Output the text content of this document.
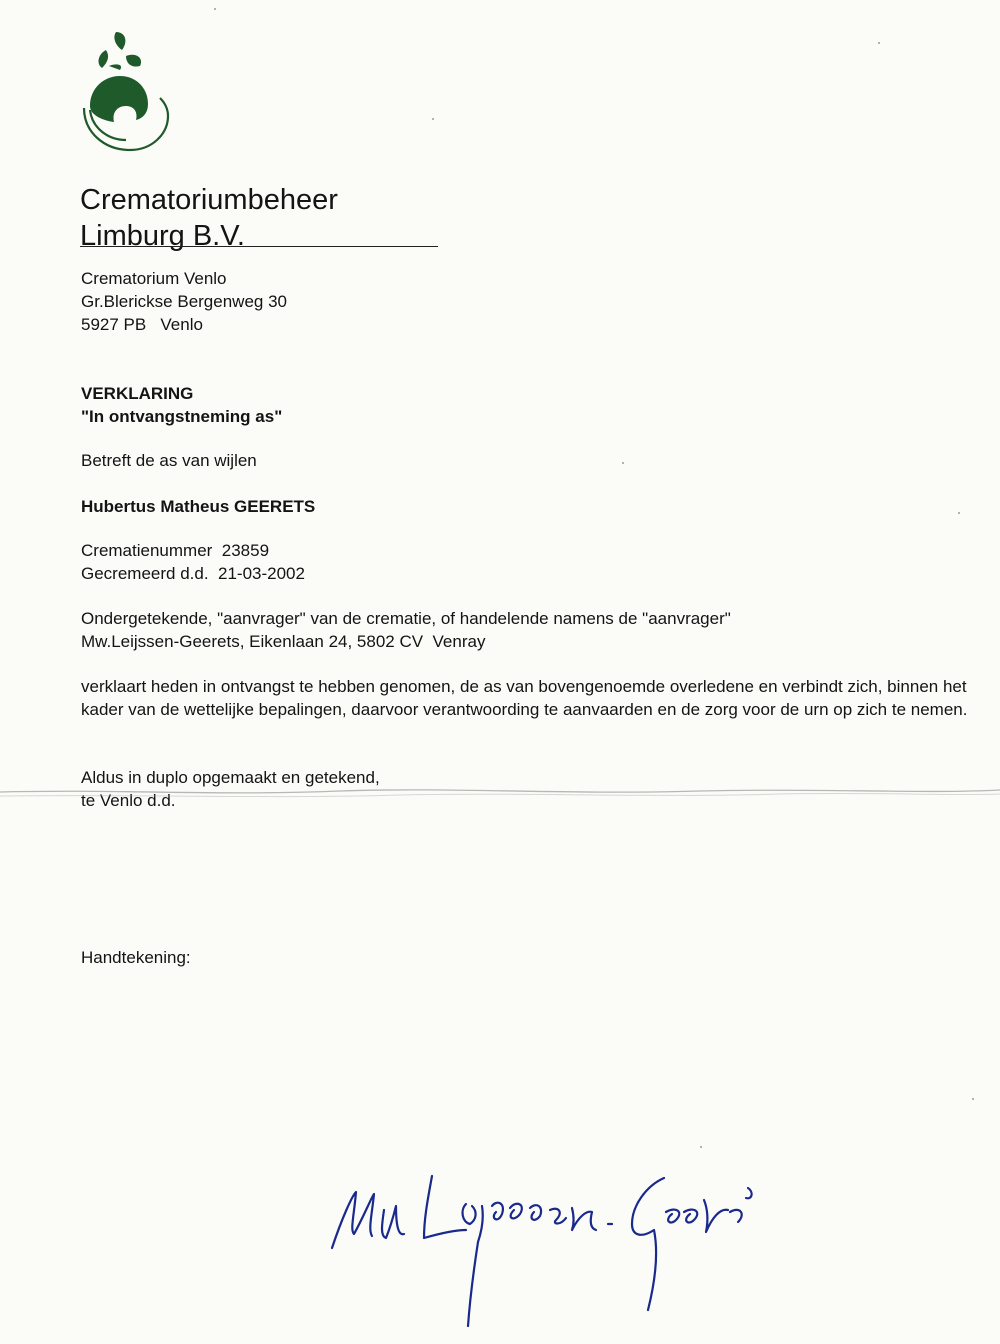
Crematoriumbeheer
Limburg B.V.
Crematorium Venlo
Gr.Blerickse Bergenweg 30
5927 PB   Venlo
VERKLARING
"In ontvangstneming as"
Betreft de as van wijlen
Hubertus Matheus GEERETS
Crematienummer  23859
Gecremeerd d.d.  21-03-2002
Ondergetekende, "aanvrager" van de crematie, of handelende namens de "aanvrager"
Mw.Leijssen-Geerets, Eikenlaan 24, 5802 CV  Venray
verklaart heden in ontvangst te hebben genomen, de as van bovengenoemde overledene en verbindt zich, binnen het kader van de wettelijke bepalingen, daarvoor verantwoording te aanvaarden en de zorg voor de urn op zich te nemen.
Aldus in duplo opgemaakt en getekend,
te Venlo d.d.
Handtekening:
